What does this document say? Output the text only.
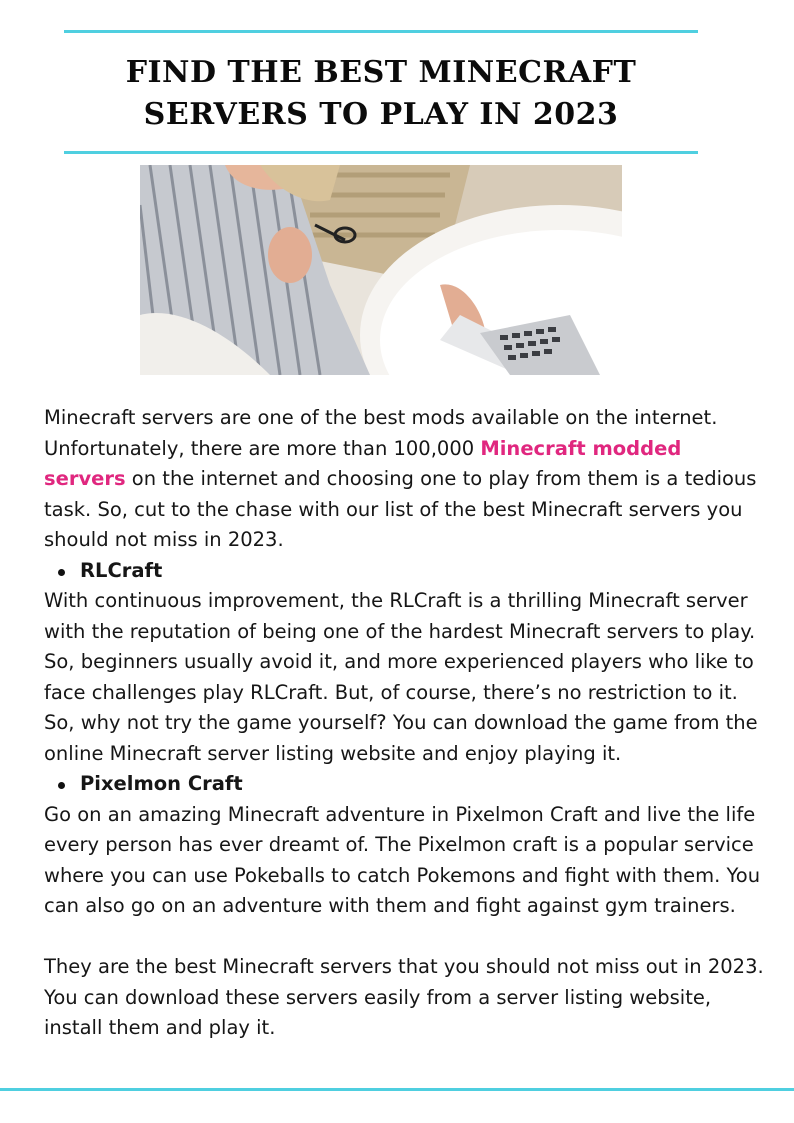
FIND THE BEST MINECRAFT
SERVERS TO PLAY IN 2023

Minecraft servers are one of the best mods available on the internet. Unfortunately, there are more than 100,000 Minecraft modded servers on the internet and choosing one to play from them is a tedious task. So, cut to the chase with our list of the best Minecraft servers you should not miss in 2023.

RLCraft

With continuous improvement, the RLCraft is a thrilling Minecraft server with the reputation of being one of the hardest Minecraft servers to play. So, beginners usually avoid it, and more experienced players who like to face challenges play RLCraft. But, of course, there’s no restriction to it. So, why not try the game yourself? You can download the game from the online Minecraft server listing website and enjoy playing it.

Pixelmon Craft

Go on an amazing Minecraft adventure in Pixelmon Craft and live the life every person has ever dreamt of. The Pixelmon craft is a popular service where you can use Pokeballs to catch Pokemons and fight with them. You can also go on an adventure with them and fight against gym trainers.

They are the best Minecraft servers that you should not miss out in 2023. You can download these servers easily from a server listing website, install them and play it.
